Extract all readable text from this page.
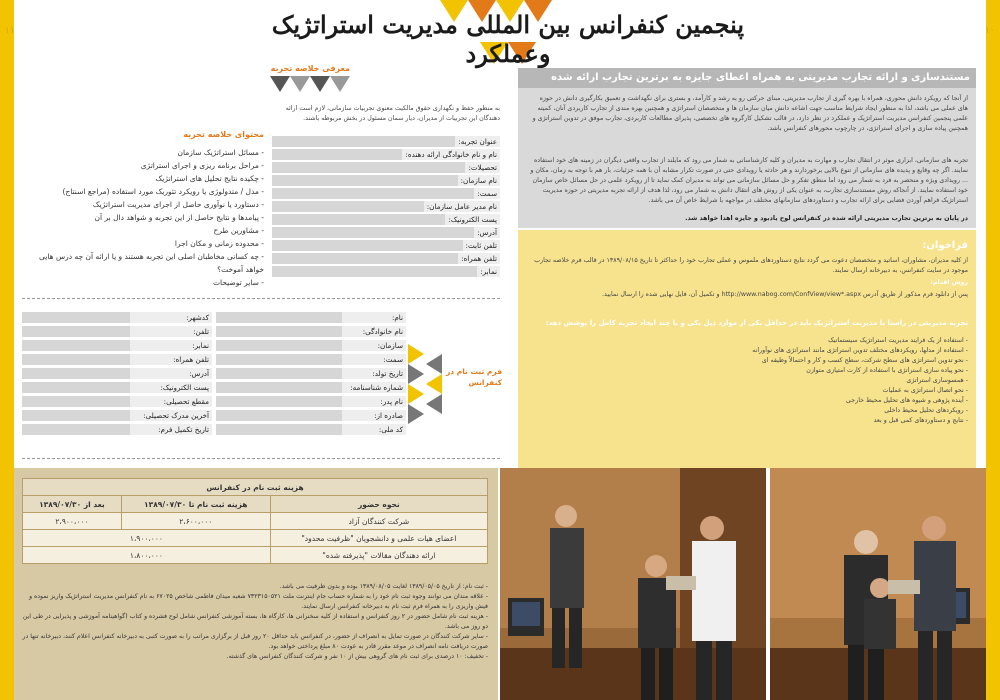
۱۱	۱۰
پنجمین کنفرانس بین المللی مدیریت استراتژیک وعملکرد
مستندسازی و ارائه تجارب مدیریتی به همراه اعطای جایزه به برترین تجارب ارائه شده
از آنجا که رویکرد دانش محوری، همراه با بهره گیری از تجارب مدیریتی، مبنای حرکتی رو به رشد و کارآمد، و بستری برای نگهداشت و تعمیق بکارگیری دانش در حوزه های عملی می باشد، لذا به منظور ایجاد شرایط مناسب جهت اشاعه دانش میان سازمان ها و متخصصان استراتژی و همچنین بهره مندی از تجارب کاربردی آنان، کمیته علمی پنجمین کنفرانس مدیریت استراتژیک و عملکرد در نظر دارد، در قالب تشکیل کارگروه های تخصصی، پذیرای مطالعات کاربردی، تجارب موفق در تدوین استراتژی و همچنین پیاده سازی و اجرای استراتژی، در چارچوب محورهای کنفرانس باشد.
تجربه های سازمانی، ابزاری موثر در انتقال تجارب و مهارت به مدیران و کلیه کارشناسانی به شمار می رود که مایلند از تجارب واقعی دیگران در زمینه های خود استفاده نمایند. اگر چه وقایع و پدیده های سازمانی از تنوع بالایی برخوردارند و هر حادثه یا رویدادی حتی در صورت تکرار مشابه آن با همه جزئیات، بار هم با توجه به زمان، مکان و ... رویدادی ویژه و منحصر به فرد به شمار می رود اما منطق تفکر و حل مسائل سازمانی می تواند به مدیران کمک نماید تا از رویکرد علمی در حل مسائل خاص سازمان خود استفاده نمایند. از آنجاکه روش مستندسازی تجارب، به عنوان یکی از روش های انتقال دانش به شمار می رود، لذا هدف از ارائه تجربه مدیریتی در حوزه مدیریت استراتژیک فراهم آوردن فضایی برای ارائه تجارب و دستاوردهای سازمانهای مختلف در مواجهه با شرایط خاص آن می باشد.
در پایان به برترین تجارب مدیریتی ارائه شده در کنفرانس لوح یادبود و جایزه اهدا خواهد شد.
فراخوان:
از کلیه مدیران، مشاوران، اساتید و متخصصان دعوت می گردد نتایج دستاوردهای ملموس و عملی تجارب خود را حداکثر تا تاریخ ۱۳۸۹/۰۸/۱۵ در قالب فرم خلاصه تجارب موجود در سایت کنفرانس، به دبیرخانه ارسال نمایند.
روش اقدام:
پس از دانلود فرم مذکور از طریق آدرس http://www.nabog.com/ConfView/view*.aspx و تکمیل آن، فایل نهایی شده را ارسال نمایید.
تجربه مدیریتی در راستا یا مدیریت استراتژیک باید در حداقل یکی از موارد ذیل یکی و یا چند ایجاد تجربه کامل را پوشش دهد:
- استفاده از یک فرایند مدیریت استراتژیک سیستماتیک
- استفاده از مدلها، رویکردهای مختلف تدوین استراتژی مانند استراتژی های نوآورانه
- نحو تدوین استراتژی های سطح شرکت، سطح کسب و کار و احتمالاً وظیفه ای
- نحو پیاده سازی استراتژی با استفاده از کارت امتیازی متوازن
- همسوسازی استراتژی
- نحو اتصال استراتژی به عملیات
- آینده پژوهی و شیوه های تحلیل محیط خارجی
- رویکردهای تحلیل محیط داخلی
- نتایج و دستاوردهای کمی قبل و بعد
معرفی خلاصه تجربه
به منظور حفظ و نگهداری حقوق مالکیت معنوی تجربیات سازمانی، لازم است ارائه دهندگان این تجربیات از مدیران، دیار سمان مسئول در بخش مربوطه باشند.
عنوان تجربه:
نام و نام خانوادگی ارائه دهنده:
تحصیلات:
نام سازمان:
سمت:
نام مدیر عامل سازمان:
پست الکترونیک:
آدرس:
تلفن ثابت:
تلفن همراه:
نمابر:
محتوای خلاصه تجربه
- مسائل استراتژیک سازمان
- مراحل برنامه ریزی و اجرای استراتژی
- چکیده نتایج تحلیل های استراتژیک
- مدل / متدولوژی یا رویکرد تئوریک مورد استفاده (مراجع اسنتاج)
- دستاورد یا نوآوری حاصل از اجرای مدیریت استراتژیک
- پیامدها و نتایج حاصل از این تجربه و شواهد دال بر آن
- مشاورین طرح
- محدوده زمانی و مکان اجرا
- چه کسانی مخاطبان اصلی این تجربه هستند و یا ارائه آن چه درس هایی خواهد آموخت؟
- سایر توضیحات
فرم ثبت نام در کنفرانس
نام:
نام خانوادگی:
سازمان:
سمت:
تاریخ تولد:
شماره شناسنامه:
نام پدر:
صادره از:
کد ملی:
کدشهر:
تلفن:
نمابر:
تلفن همراه:
آدرس:
پست الکترونیک:
مقطع تحصیلی:
آخرین مدرک تحصیلی:
تاریخ تکمیل فرم:
هزینه ثبت نام در کنفرانس		
بعد از ۱۳۸۹/۰۷/۳۰	هزینه ثبت نام تا ۱۳۸۹/۰۷/۳۰	نحوه حضور
۲،۹۰۰،۰۰۰	۲،۶۰۰،۰۰۰	شرکت کنندگان آزاد
۱،۹۰۰،۰۰۰		اعضای هیات علمی و دانشجویان "ظرفیت محدود"
۱،۸۰۰،۰۰۰		ارائه دهندگان مقالات "پذیرفته شده"
- ثبت نام: از تاریخ ۱۳۸۹/۰۵/۰۵ لغایت ۱۳۸۹/۰۸/۰۵ بوده و بدون ظرفیت می باشد.
- علاقه مندان می توانند وجوه ثبت نام خود را به شماره حساب جام اینترنت ملت ۷۳۲۳۱۵۰۵۲۱ شعبه میدان فاطمی شاخص ۶۷۰۲۵ به نام کنفرانس مدیریت استراتژیک واریز نموده و فیش واریزی را به همراه فرم ثبت نام به دبیرخانه کنفرانس ارسال نمایند.
- هزینه ثبت نام شامل حضور در ۲ روز کنفرانس و استفاده از کلیه سخنرانی ها، کارگاه ها، بسته آموزشی کنفرانس شامل لوح فشرده و کتاب (گواهینامه آموزشی و پذیرایی در طی این دو روز می باشد.
- سایر شرکت کنندگان در صورت تمایل به انصراف از حضور، در کنفرانس باید حداقل ۲۰ روز قبل از برگزاری مراتب را به صورت کتبی به دبیرخانه کنفرانس اعلام کنند، دبیرخانه تنها در صورت دریافت نامه انصراف در موعد مقرر قادر به عودت ۸۰ مبلغ پرداختی خواهد بود.
- تخفیف: ۱۰ درصدی برای ثبت نام های گروهی بیش از ۱۰ نفر و شرکت کنندگان کنفرانس های گذشته.
